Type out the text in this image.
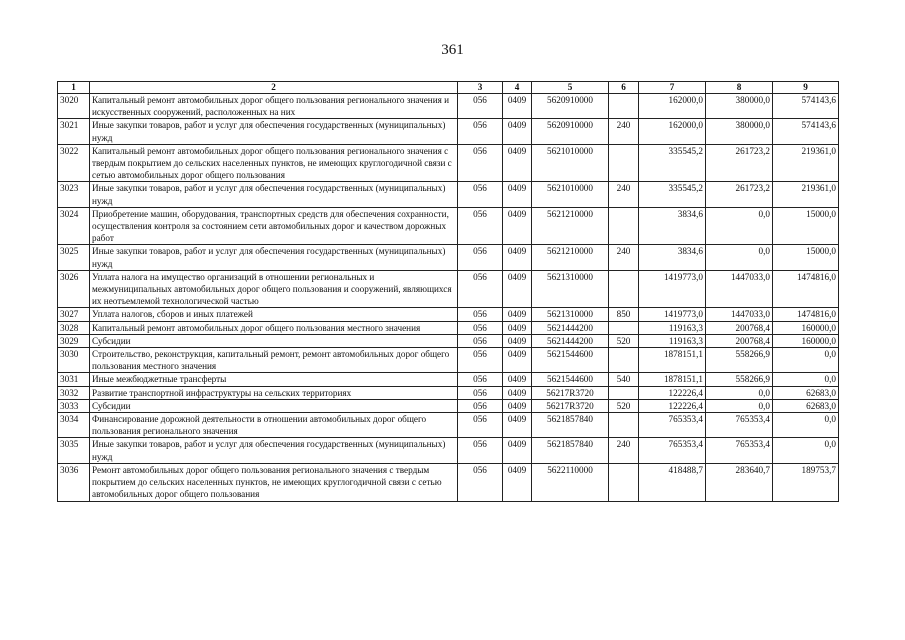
361
1	2	3	4	5	6	7	8	9
3020	Капитальный ремонт автомобильных дорог общего пользования регионального значения и искусственных сооружений, расположенных на них	056	0409	5620910000		162000,0	380000,0	574143,6
3021	Иные закупки товаров, работ и услуг для обеспечения государственных (муниципальных) нужд	056	0409	5620910000	240	162000,0	380000,0	574143,6
3022	Капитальный ремонт автомобильных дорог общего пользования регионального значения с твердым покрытием до сельских населенных пунктов, не имеющих круглогодичной связи с сетью автомобильных дорог общего пользования	056	0409	5621010000		335545,2	261723,2	219361,0
3023	Иные закупки товаров, работ и услуг для обеспечения государственных (муниципальных) нужд	056	0409	5621010000	240	335545,2	261723,2	219361,0
3024	Приобретение машин, оборудования, транспортных средств для обеспечения сохранности, осуществления контроля за состоянием сети автомобильных дорог и качеством дорожных работ	056	0409	5621210000		3834,6	0,0	15000,0
3025	Иные закупки товаров, работ и услуг для обеспечения государственных (муниципальных) нужд	056	0409	5621210000	240	3834,6	0,0	15000,0
3026	Уплата налога на имущество организаций в отношении региональных и межмуниципальных автомобильных дорог общего пользования и сооружений, являющихся их неотъемлемой технологической частью	056	0409	5621310000		1419773,0	1447033,0	1474816,0
3027	Уплата налогов, сборов и иных платежей	056	0409	5621310000	850	1419773,0	1447033,0	1474816,0
3028	Капитальный ремонт автомобильных дорог общего пользования местного значения	056	0409	5621444200		119163,3	200768,4	160000,0
3029	Субсидии	056	0409	5621444200	520	119163,3	200768,4	160000,0
3030	Строительство, реконструкция, капитальный ремонт, ремонт автомобильных дорог общего пользования местного значения	056	0409	5621544600		1878151,1	558266,9	0,0
3031	Иные межбюджетные трансферты	056	0409	5621544600	540	1878151,1	558266,9	0,0
3032	Развитие транспортной инфраструктуры на сельских территориях	056	0409	56217R3720		122226,4	0,0	62683,0
3033	Субсидии	056	0409	56217R3720	520	122226,4	0,0	62683,0
3034	Финансирование дорожной деятельности в отношении автомобильных дорог общего пользования регионального значения	056	0409	5621857840		765353,4	765353,4	0,0
3035	Иные закупки товаров, работ и услуг для обеспечения государственных (муниципальных) нужд	056	0409	5621857840	240	765353,4	765353,4	0,0
3036	Ремонт автомобильных дорог общего пользования регионального значения с твердым покрытием до сельских населенных пунктов, не имеющих круглогодичной связи с сетью автомобильных дорог общего пользования	056	0409	5622110000		418488,7	283640,7	189753,7
